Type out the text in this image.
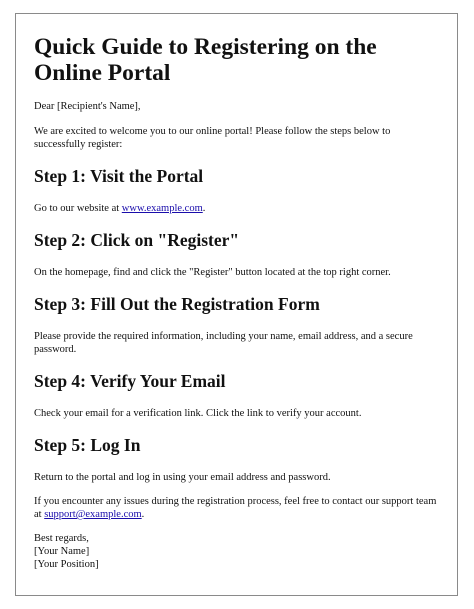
Quick Guide to Registering on the Online Portal

Dear [Recipient's Name],

We are excited to welcome you to our online portal! Please follow the steps below to successfully register:

Step 1: Visit the Portal

Go to our website at www.example.com.

Step 2: Click on "Register"

On the homepage, find and click the "Register" button located at the top right corner.

Step 3: Fill Out the Registration Form

Please provide the required information, including your name, email address, and a secure password.

Step 4: Verify Your Email

Check your email for a verification link. Click the link to verify your account.

Step 5: Log In

Return to the portal and log in using your email address and password.

If you encounter any issues during the registration process, feel free to contact our support team at support@example.com.

Best regards,
[Your Name]
[Your Position]
